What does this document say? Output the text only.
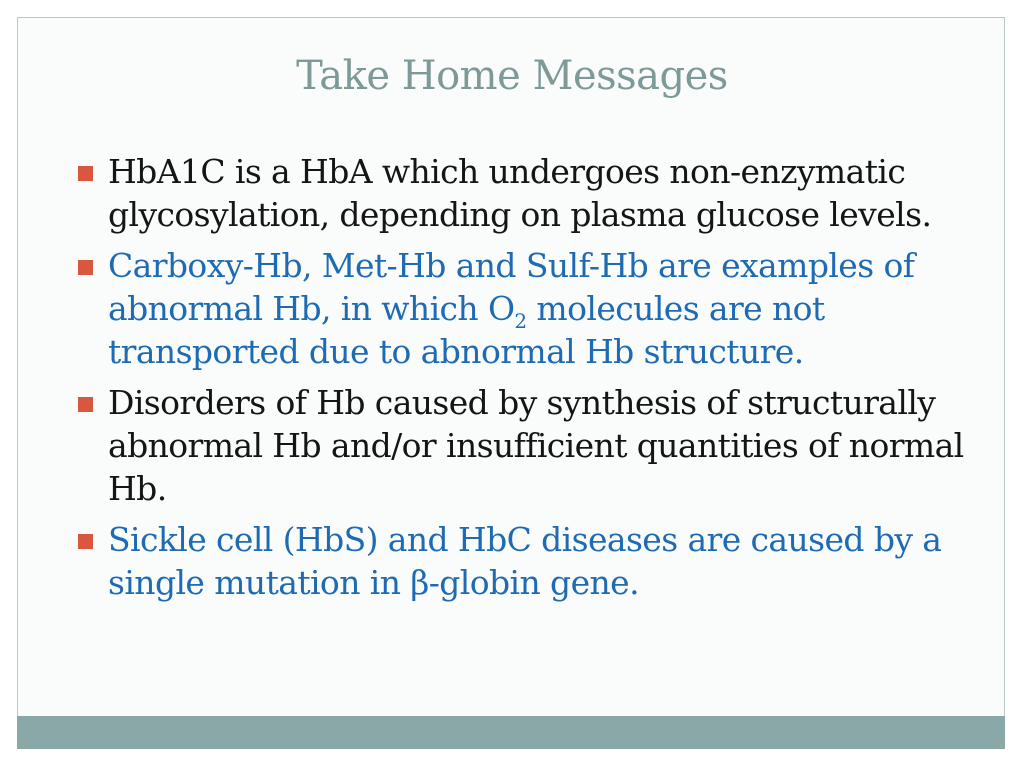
Take Home Messages
HbA1C is a HbA which undergoes non-enzymatic glycosylation, depending on plasma glucose levels.
Carboxy-Hb, Met-Hb and Sulf-Hb are examples of abnormal Hb, in which $O_2$ molecules are not transported due to abnormal Hb structure.
Disorders of Hb caused by synthesis of structurally abnormal Hb and/or insufficient quantities of normal Hb.
Sickle cell (HbS) and HbC diseases are caused by a single mutation in β-globin gene.
